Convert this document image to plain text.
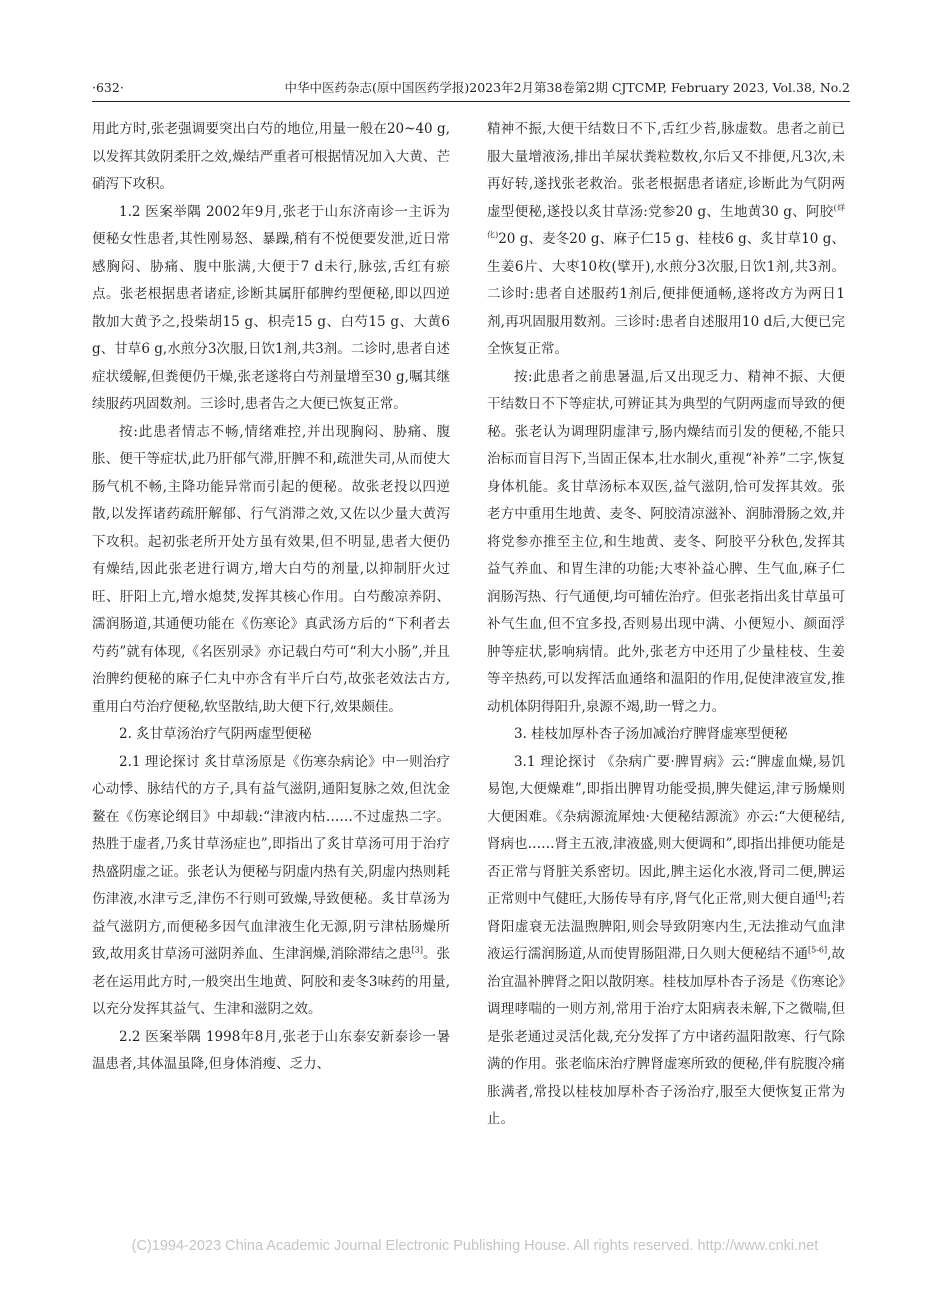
·632·	中华中医药杂志(原中国医药学报)2023年2月第38卷第2期 CJTCMP, February 2023, Vol.38, No.2

用此方时,张老强调要突出白芍的地位,用量一般在20~40 g,以发挥其敛阴柔肝之效,燥结严重者可根据情况加入大黄、芒硝泻下攻积。

1.2 医案举隅 2002年9月,张老于山东济南诊一主诉为便秘女性患者,其性刚易怒、暴躁,稍有不悦便要发泄,近日常感胸闷、胁痛、腹中胀满,大便于7 d未行,脉弦,舌红有瘀点。张老根据患者诸症,诊断其属肝郁脾约型便秘,即以四逆散加大黄予之,投柴胡15 g、枳壳15 g、白芍15 g、大黄6 g、甘草6 g,水煎分3次服,日饮1剂,共3剂。二诊时,患者自述症状缓解,但粪便仍干燥,张老遂将白芍剂量增至30 g,嘱其继续服药巩固数剂。三诊时,患者告之大便已恢复正常。

按:此患者情志不畅,情绪难控,并出现胸闷、胁痛、腹胀、便干等症状,此乃肝郁气滞,肝脾不和,疏泄失司,从而使大肠气机不畅,主降功能异常而引起的便秘。故张老投以四逆散,以发挥诸药疏肝解郁、行气消滞之效,又佐以少量大黄泻下攻积。起初张老所开处方虽有效果,但不明显,患者大便仍有燥结,因此张老进行调方,增大白芍的剂量,以抑制肝火过旺、肝阳上亢,增水熄焚,发挥其核心作用。白芍酸凉养阴、濡润肠道,其通便功能在《伤寒论》真武汤方后的“下利者去芍药”就有体现,《名医别录》亦记载白芍可“利大小肠”,并且治脾约便秘的麻子仁丸中亦含有半斤白芍,故张老效法古方,重用白芍治疗便秘,软坚散结,助大便下行,效果颇佳。

2. 炙甘草汤治疗气阴两虚型便秘

2.1 理论探讨 炙甘草汤原是《伤寒杂病论》中一则治疗心动悸、脉结代的方子,具有益气滋阴,通阳复脉之效,但沈金鳌在《伤寒论纲目》中却载:“津液内枯……不过虚热二字。热胜于虚者,乃炙甘草汤症也”,即指出了炙甘草汤可用于治疗热盛阴虚之证。张老认为便秘与阴虚内热有关,阴虚内热则耗伤津液,水津亏乏,津伤不行则可致燥,导致便秘。炙甘草汤为益气滋阴方,而便秘多因气血津液生化无源,阴亏津枯肠燥所致,故用炙甘草汤可滋阴养血、生津润燥,消除滞结之患[3]。张老在运用此方时,一般突出生地黄、阿胶和麦冬3味药的用量,以充分发挥其益气、生津和滋阴之效。

2.2 医案举隅 1998年8月,张老于山东泰安新泰诊一暑温患者,其体温虽降,但身体消瘦、乏力、

精神不振,大便干结数日不下,舌红少苔,脉虚数。患者之前已服大量增液汤,排出羊屎状粪粒数枚,尔后又不排便,凡3次,未再好转,遂找张老救治。张老根据患者诸症,诊断此为气阴两虚型便秘,遂投以炙甘草汤:党参20 g、生地黄30 g、阿胶$^{(烊化)}$20 g、麦冬20 g、麻子仁15 g、桂枝6 g、炙甘草10 g、生姜6片、大枣10枚(擘开),水煎分3次服,日饮1剂,共3剂。二诊时:患者自述服药1剂后,便排便通畅,遂将改方为两日1剂,再巩固服用数剂。三诊时:患者自述服用10 d后,大便已完全恢复正常。

按:此患者之前患暑温,后又出现乏力、精神不振、大便干结数日不下等症状,可辨证其为典型的气阴两虚而导致的便秘。张老认为调理阴虚津亏,肠内燥结而引发的便秘,不能只治标而盲目泻下,当固正保本,壮水制火,重视“补养”二字,恢复身体机能。炙甘草汤标本双医,益气滋阴,恰可发挥其效。张老方中重用生地黄、麦冬、阿胶清凉滋补、润肺滑肠之效,并将党参亦推至主位,和生地黄、麦冬、阿胶平分秋色,发挥其益气养血、和胃生津的功能;大枣补益心脾、生气血,麻子仁润肠泻热、行气通便,均可辅佐治疗。但张老指出炙甘草虽可补气生血,但不宜多投,否则易出现中满、小便短小、颜面浮肿等症状,影响病情。此外,张老方中还用了少量桂枝、生姜等辛热药,可以发挥活血通络和温阳的作用,促使津液宣发,推动机体阴得阳升,泉源不竭,助一臂之力。

3. 桂枝加厚朴杏子汤加减治疗脾肾虚寒型便秘

3.1 理论探讨 《杂病广要·脾胃病》云:“脾虚血燥,易饥易饱,大便燥难”,即指出脾胃功能受损,脾失健运,津亏肠燥则大便困难。《杂病源流犀烛·大便秘结源流》亦云:“大便秘结,肾病也……肾主五液,津液盛,则大便调和”,即指出排便功能是否正常与肾脏关系密切。因此,脾主运化水液,肾司二便,脾运正常则中气健旺,大肠传导有序,肾气化正常,则大便自通[4];若肾阳虚衰无法温煦脾阳,则会导致阴寒内生,无法推动气血津液运行濡润肠道,从而使胃肠阻滞,日久则大便秘结不通[5-6],故治宜温补脾肾之阳以散阴寒。桂枝加厚朴杏子汤是《伤寒论》调理哮喘的一则方剂,常用于治疗太阳病表未解,下之微喘,但是张老通过灵活化裁,充分发挥了方中诸药温阳散寒、行气除满的作用。张老临床治疗脾肾虚寒所致的便秘,伴有脘腹冷痛胀满者,常投以桂枝加厚朴杏子汤治疗,服至大便恢复正常为止。

(C)1994-2023 China Academic Journal Electronic Publishing House. All rights reserved. http://www.cnki.net
